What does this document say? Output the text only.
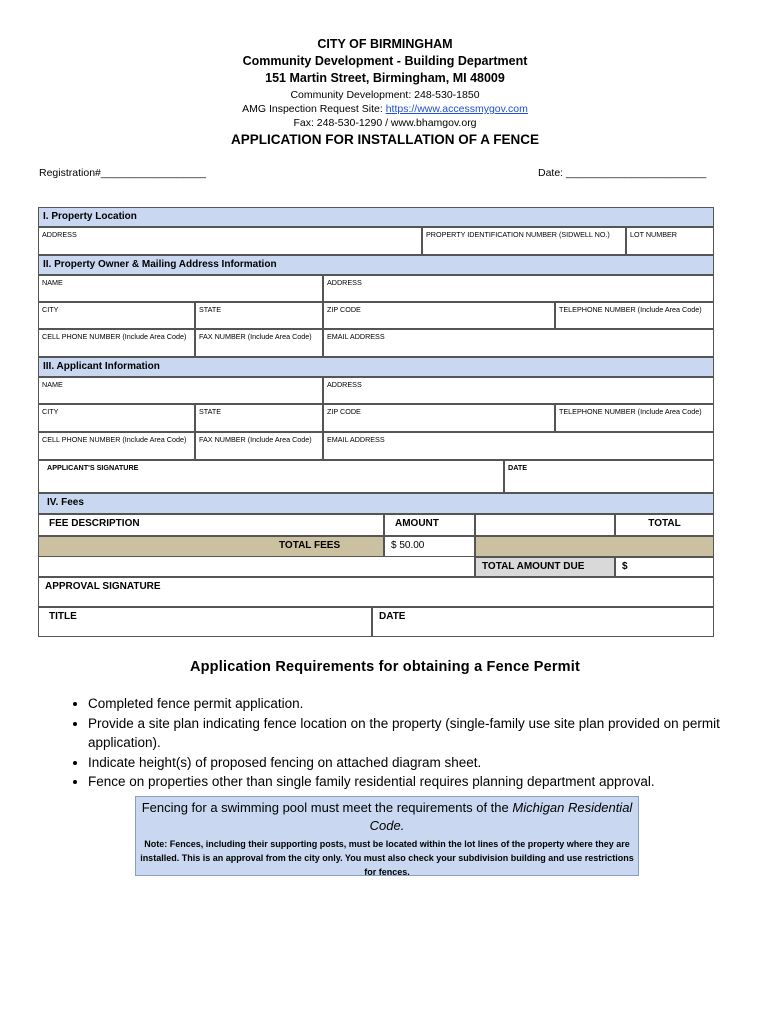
CITY OF BIRMINGHAM
Community Development - Building Department
151 Martin Street, Birmingham, MI 48009
Community Development: 248-530-1850
AMG Inspection Request Site: https://www.accessmygov.com
Fax: 248-530-1290 / www.bhamgov.org
APPLICATION FOR INSTALLATION OF A FENCE
Registration#__________________	Date: ________________________
I. Property Location
ADDRESS	PROPERTY IDENTIFICATION NUMBER (SIDWELL NO.)	LOT NUMBER
II. Property Owner & Mailing Address Information
NAME	ADDRESS
CITY	STATE	ZIP CODE	TELEPHONE NUMBER (Include Area Code)
CELL PHONE NUMBER (Include Area Code)	FAX NUMBER (Include Area Code)	EMAIL ADDRESS
III. Applicant Information
NAME	ADDRESS
CITY	STATE	ZIP CODE	TELEPHONE NUMBER (Include Area Code)
CELL PHONE NUMBER (Include Area Code)	FAX NUMBER (Include Area Code)	EMAIL ADDRESS
APPLICANT'S SIGNATURE	DATE
IV. Fees
FEE DESCRIPTION	AMOUNT	TOTAL
TOTAL FEES	$ 50.00
TOTAL AMOUNT DUE	$
APPROVAL SIGNATURE
TITLE	DATE
Application Requirements for obtaining a Fence Permit
• Completed fence permit application.
• Provide a site plan indicating fence location on the property (single-family use site plan provided on permit application).
• Indicate height(s) of proposed fencing on attached diagram sheet.
• Fence on properties other than single family residential requires planning department approval.
Fencing for a swimming pool must meet the requirements of the Michigan Residential Code.
Note: Fences, including their supporting posts, must be located within the lot lines of the property where they are installed. This is an approval from the city only. You must also check your subdivision building and use restrictions for fences.
